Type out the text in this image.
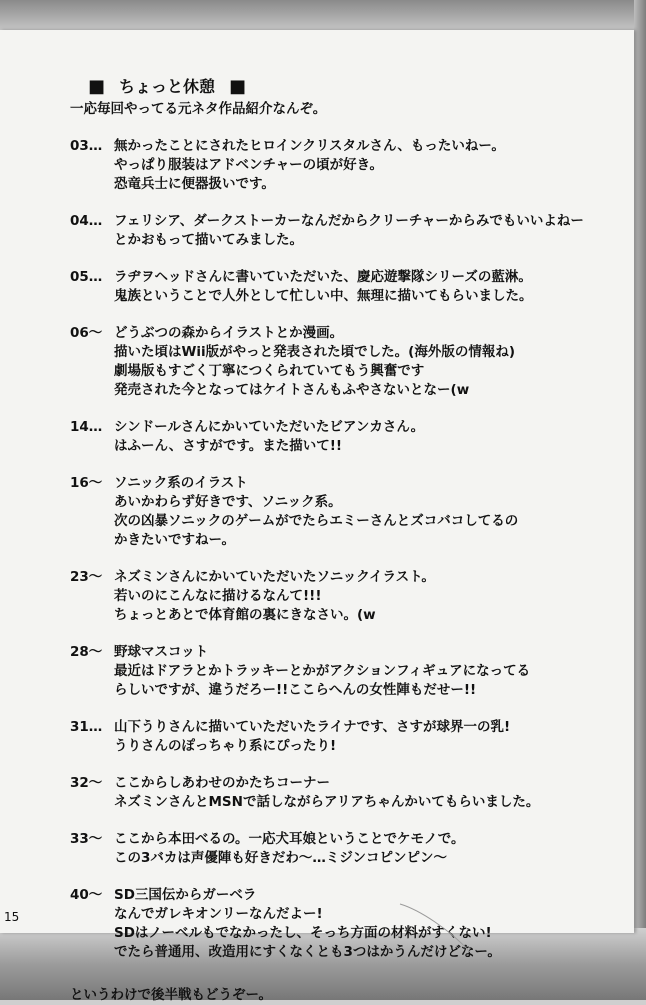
■ ちょっと休憩 ■
一応毎回やってる元ネタ作品紹介なんぞ。
03… 無かったことにされたヒロインクリスタルさん、もったいねー。
やっぱり服装はアドベンチャーの頃が好き。
恐竜兵士に便器扱いです。
04… フェリシア、ダークストーカーなんだからクリーチャーからみでもいいよねー
とかおもって描いてみました。
05… ラヂヲヘッドさんに書いていただいた、慶応遊撃隊シリーズの藍淋。
鬼族ということで人外として忙しい中、無理に描いてもらいました。
06～ どうぶつの森からイラストとか漫画。
描いた頃はWii版がやっと発表された頃でした。(海外版の情報ね)
劇場版もすごく丁寧につくられていてもう興奮です
発売された今となってはケイトさんもふやさないとなー(w
14… シンドールさんにかいていただいたビアンカさん。
はふーん、さすがです。また描いて!!
16～ ソニック系のイラスト
あいかわらず好きです、ソニック系。
次の凶暴ソニックのゲームがでたらエミーさんとズコバコしてるの
かきたいですねー。
23～ ネズミンさんにかいていただいたソニックイラスト。
若いのにこんなに描けるなんて!!!
ちょっとあとで体育館の裏にきなさい。(w
28～ 野球マスコット
最近はドアラとかトラッキーとかがアクションフィギュアになってる
らしいですが、違うだろー!!ここらへんの女性陣もだせー!!
31… 山下うりさんに描いていただいたライナです、さすが球界一の乳!
うりさんのぽっちゃり系にぴったり!
32～ ここからしあわせのかたちコーナー
ネズミンさんとMSNで話しながらアリアちゃんかいてもらいました。
33～ ここから本田べるの。一応犬耳娘ということでケモノで。
この3バカは声優陣も好きだわ～…ミジンコピンピン～
40～ SD三国伝からガーベラ
なんでガレキオンリーなんだよー!
SDはノーベルもでなかったし、そっち方面の材料がすくない!
でたら普通用、改造用にすくなくとも3つはかうんだけどなー。
というわけで後半戦もどうぞー。
15
